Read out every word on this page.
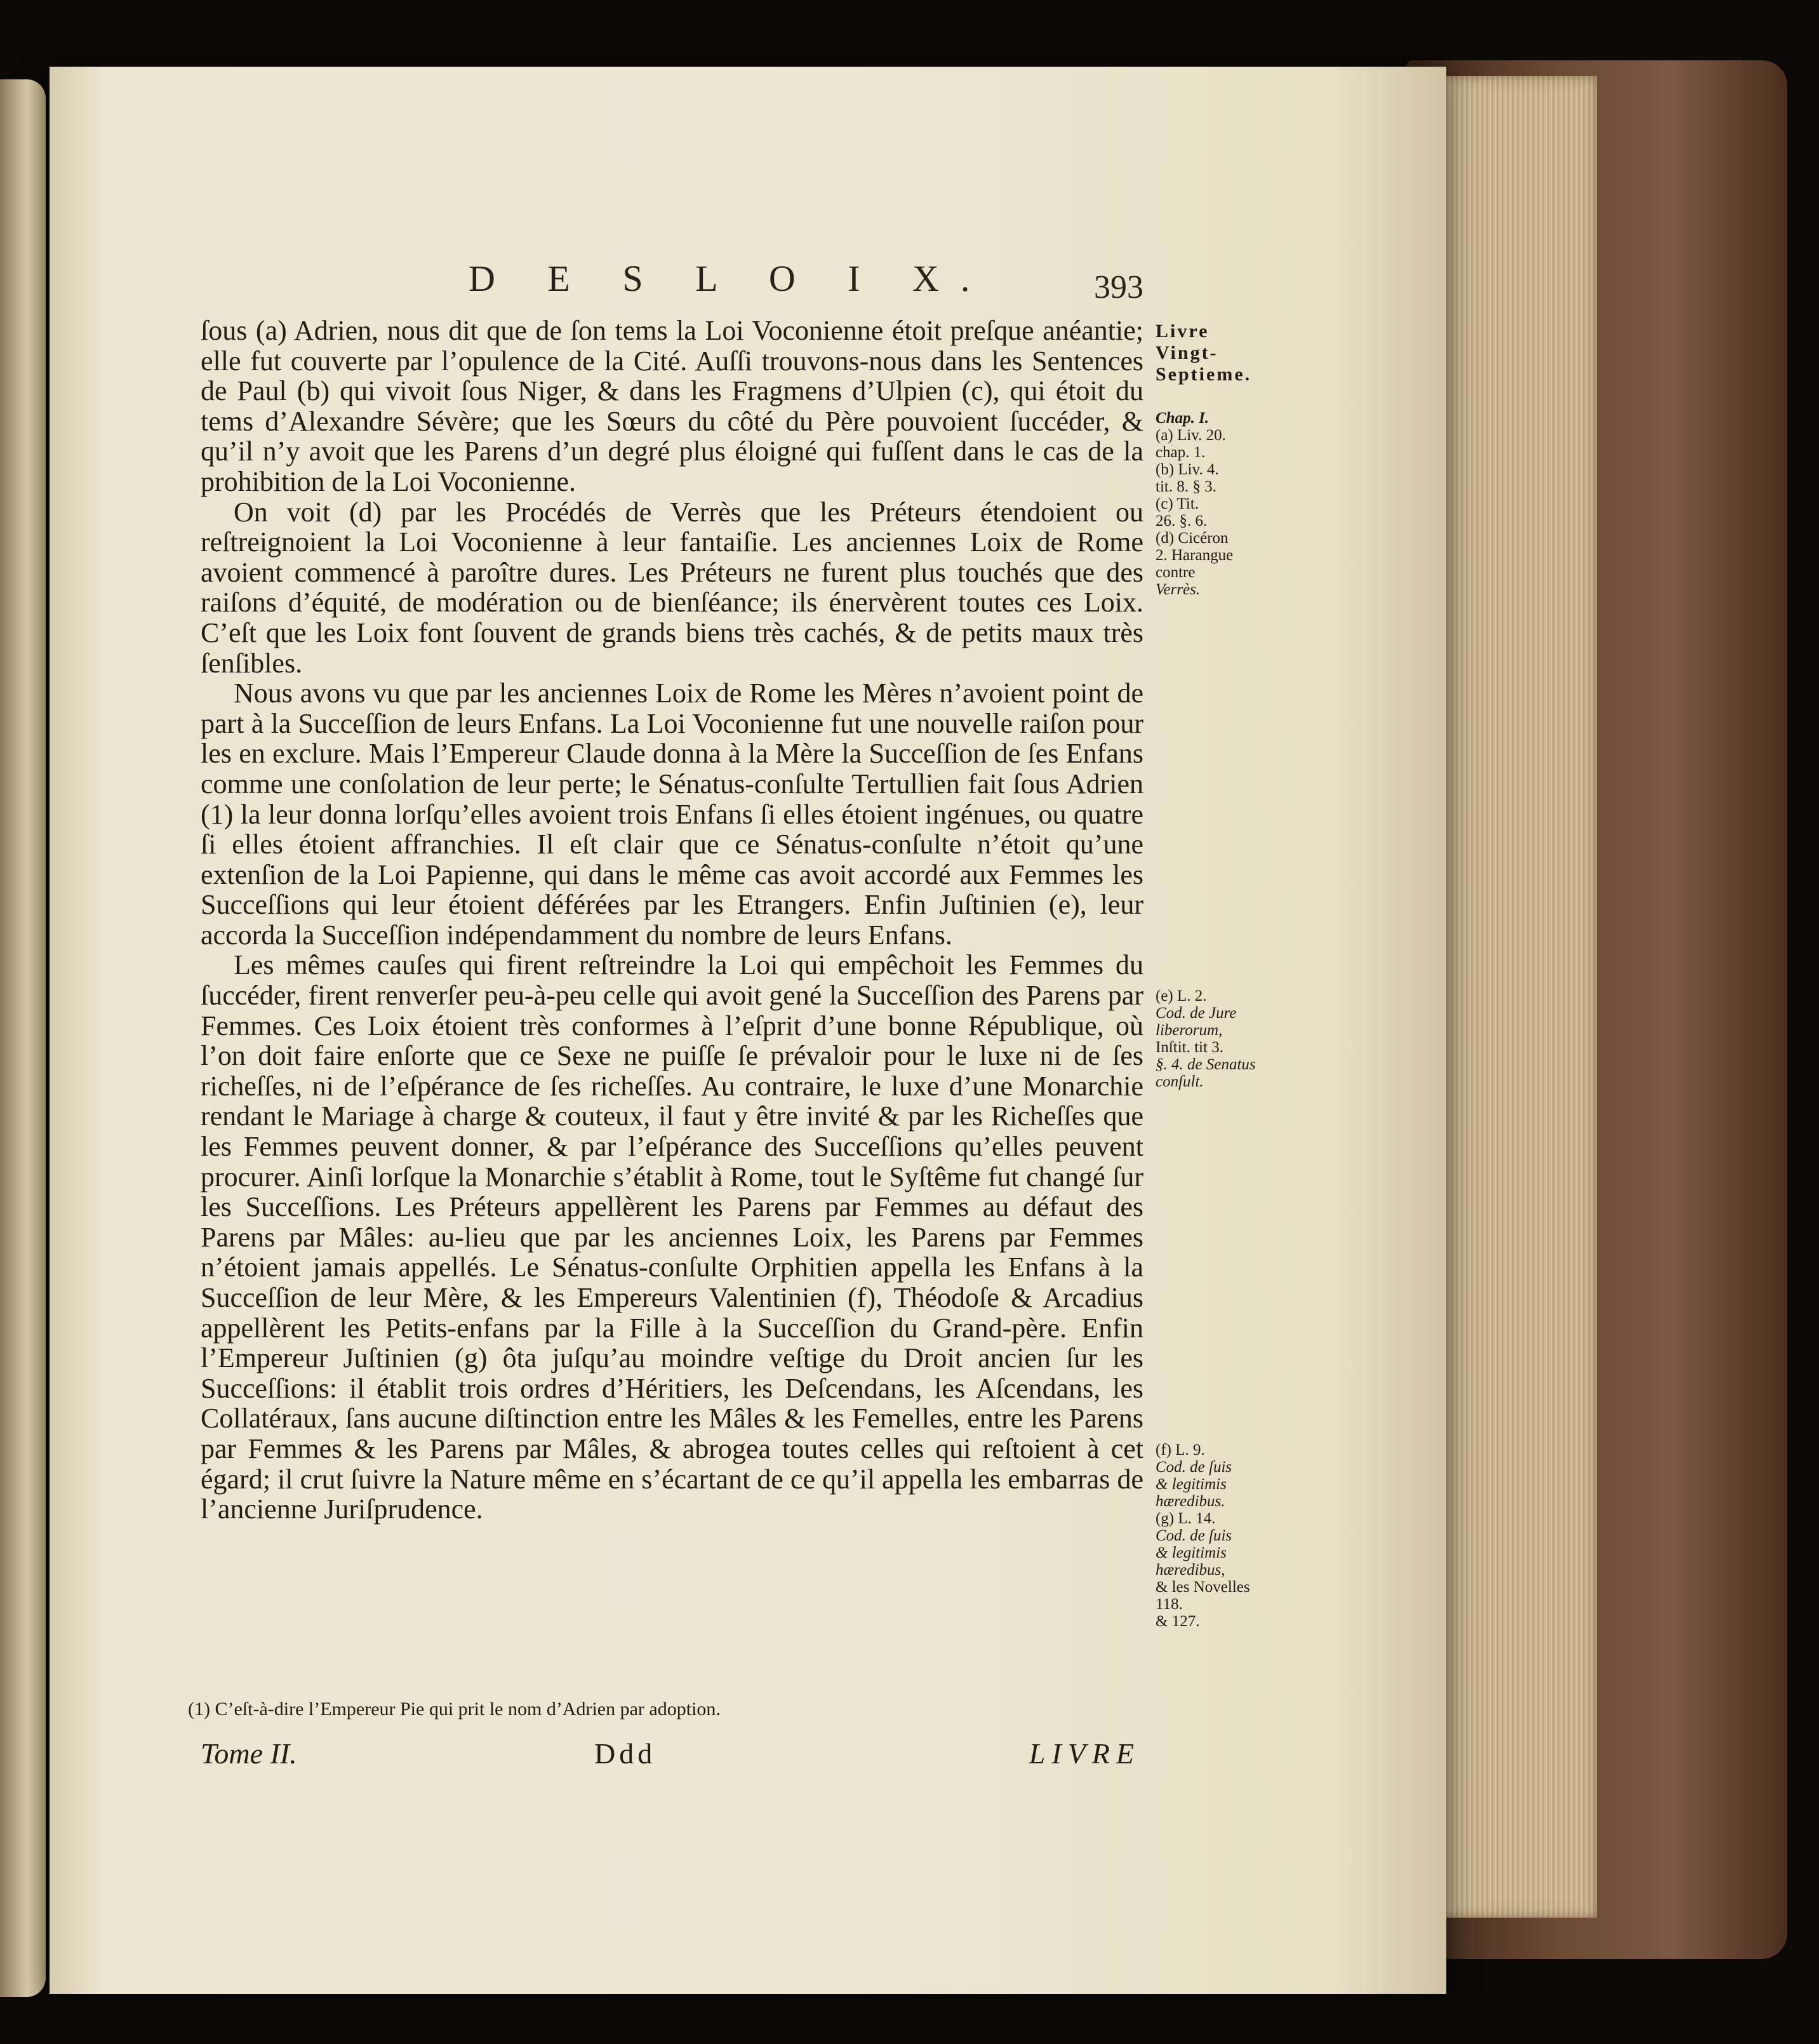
D E S L O I X.	393

ſous (a) Adrien, nous dit que de ſon tems la Loi Voconienne étoit preſque anéantie; elle fut couverte par l’opulence de la Cité. Auſſi trouvons-nous dans les Sentences de Paul (b) qui vivoit ſous Niger, & dans les Fragmens d’Ulpien (c), qui étoit du tems d’Alexandre Sévère; que les Sœurs du côté du Père pouvoient ſuccéder, & qu’il n’y avoit que les Parens d’un degré plus éloigné qui fuſſent dans le cas de la prohibition de la Loi Voconienne.

On voit (d) par les Procédés de Verrès que les Préteurs étendoient ou reſtreignoient la Loi Voconienne à leur fantaiſie. Les anciennes Loix de Rome avoient commencé à paroître dures. Les Préteurs ne furent plus touchés que des raiſons d’équité, de modération ou de bienſéance; ils énervèrent toutes ces Loix. C’eſt que les Loix font ſouvent de grands biens très cachés, & de petits maux très ſenſibles.

Nous avons vu que par les anciennes Loix de Rome les Mères n’avoient point de part à la Succeſſion de leurs Enfans. La Loi Voconienne fut une nouvelle raiſon pour les en exclure. Mais l’Empereur Claude donna à la Mère la Succeſſion de ſes Enfans comme une conſolation de leur perte; le Sénatus-conſulte Tertullien fait ſous Adrien (1) la leur donna lorſqu’elles avoient trois Enfans ſi elles étoient ingénues, ou quatre ſi elles étoient affranchies. Il eſt clair que ce Sénatus-conſulte n’étoit qu’une extenſion de la Loi Papienne, qui dans le même cas avoit accordé aux Femmes les Succeſſions qui leur étoient déférées par les Etrangers. Enfin Juſtinien (e), leur accorda la Succeſſion indépendamment du nombre de leurs Enfans.

Les mêmes cauſes qui firent reſtreindre la Loi qui empêchoit les Femmes du ſuccéder, firent renverſer peu-à-peu celle qui avoit gené la Succeſſion des Parens par Femmes. Ces Loix étoient très conformes à l’eſprit d’une bonne République, où l’on doit faire enſorte que ce Sexe ne puiſſe ſe prévaloir pour le luxe ni de ſes richeſſes, ni de l’eſpérance de ſes richeſſes. Au contraire, le luxe d’une Monarchie rendant le Mariage à charge & couteux, il faut y être invité & par les Richeſſes que les Femmes peuvent donner, & par l’eſpérance des Succeſſions qu’elles peuvent procurer. Ainſi lorſque la Monarchie s’établit à Rome, tout le Syſtême fut changé ſur les Succeſſions. Les Préteurs appellèrent les Parens par Femmes au défaut des Parens par Mâles: au-lieu que par les anciennes Loix, les Parens par Femmes n’étoient jamais appellés. Le Sénatus-conſulte Orphitien appella les Enfans à la Succeſſion de leur Mère, & les Empereurs Valentinien (f), Théodoſe & Arcadius appellèrent les Petits-enfans par la Fille à la Succeſſion du Grand-père. Enfin l’Empereur Juſtinien (g) ôta juſqu’au moindre veſtige du Droit ancien ſur les Succeſſions: il établit trois ordres d’Héritiers, les Deſcendans, les Aſcendans, les Collatéraux, ſans aucune diſtinction entre les Mâles & les Femelles, entre les Parens par Femmes & les Parens par Mâles, & abrogea toutes celles qui reſtoient à cet égard; il crut ſuivre la Nature même en s’écartant de ce qu’il appella les embarras de l’ancienne Juriſprudence.

Livre
Vingt-
Septieme.
Chap. I.
(a) Liv. 20.
chap. 1.
(b) Liv. 4.
tit. 8. § 3.
(c) Tit.
26. §. 6.
(d) Cicéron
2. Harangue
contre
Verrès.
(e) L. 2.
Cod. de Jure liberorum,
Inſtit. tit 3.
§. 4. de Senatus conſult.
(f) L. 9.
Cod. de ſuis
& legitimis
hæredibus.
(g) L. 14.
Cod. de ſuis
& legitimis
hæredibus,
& les Novelles 118.
& 127.
(1) C’eſt-à-dire l’Empereur Pie qui prit le nom d’Adrien par adoption.
Tome II.	Ddd	LIVRE
